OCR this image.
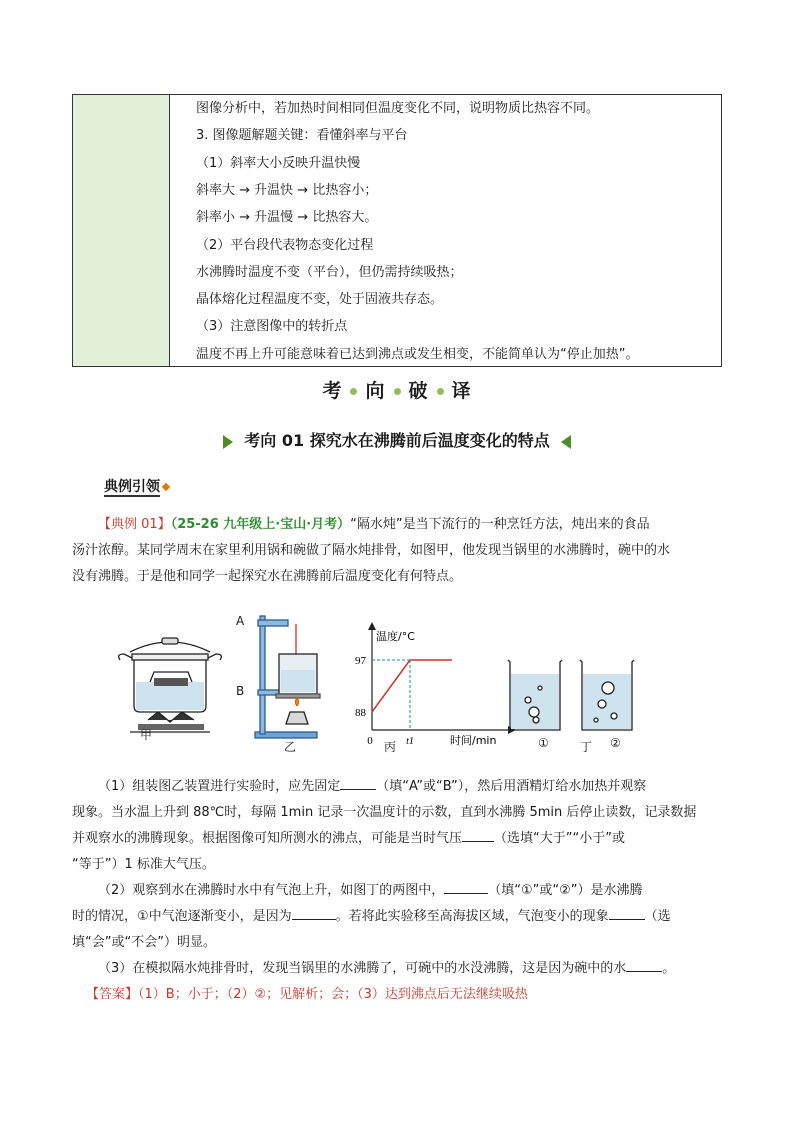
图像分析中，若加热时间相同但温度变化不同，说明物质比热容不同。
3. 图像题解题关键：看懂斜率与平台
（1）斜率大小反映升温快慢
斜率大 → 升温快 → 比热容小；
斜率小 → 升温慢 → 比热容大。
（2）平台段代表物态变化过程
水沸腾时温度不变（平台），但仍需持续吸热；
晶体熔化过程温度不变，处于固液共存态。
（3）注意图像中的转折点
温度不再上升可能意味着已达到沸点或发生相变，不能简单认为“停止加热”。
考 向 破 译
考向 01 探究水在沸腾前后温度变化的特点
典例引领
【典例 01】（25-26 九年级上·宝山·月考）“隔水炖”是当下流行的一种烹饪方法，炖出来的食品
汤汁浓醇。某同学周末在家里利用锅和碗做了隔水炖排骨，如图甲，他发现当锅里的水沸腾时，碗中的水
没有沸腾。于是他和同学一起探究水在沸腾前后温度变化有何特点。
97
88
0	t1
温度/°C
时间/min
甲
A
B
乙	丙	丁
①	②
（1）组装图乙装置进行实验时，应先固定	（填“A”或“B”），然后用酒精灯给水加热并观察
现象。当水温上升到 88℃时，每隔 1min 记录一次温度计的示数，直到水沸腾 5min 后停止读数，记录数据
并观察水的沸腾现象。根据图像可知所测水的沸点，可能是当时气压 （选填“大于”“小于”或
“等于”）1 标准大气压。
（2）观察到水在沸腾时水中有气泡上升，如图丁的两图中，	（填“①”或“②”）是水沸腾
时的情况，①中气泡逐渐变小，是因为	。若将此实验移至高海拔区域，气泡变小的现象	（选
填“会”或“不会”）明显。
（3）在模拟隔水炖排骨时，发现当锅里的水沸腾了，可碗中的水没沸腾，这是因为碗中的水	。
【答案】（1）B；小于；（2）②；见解析；会；（3）达到沸点后无法继续吸热
